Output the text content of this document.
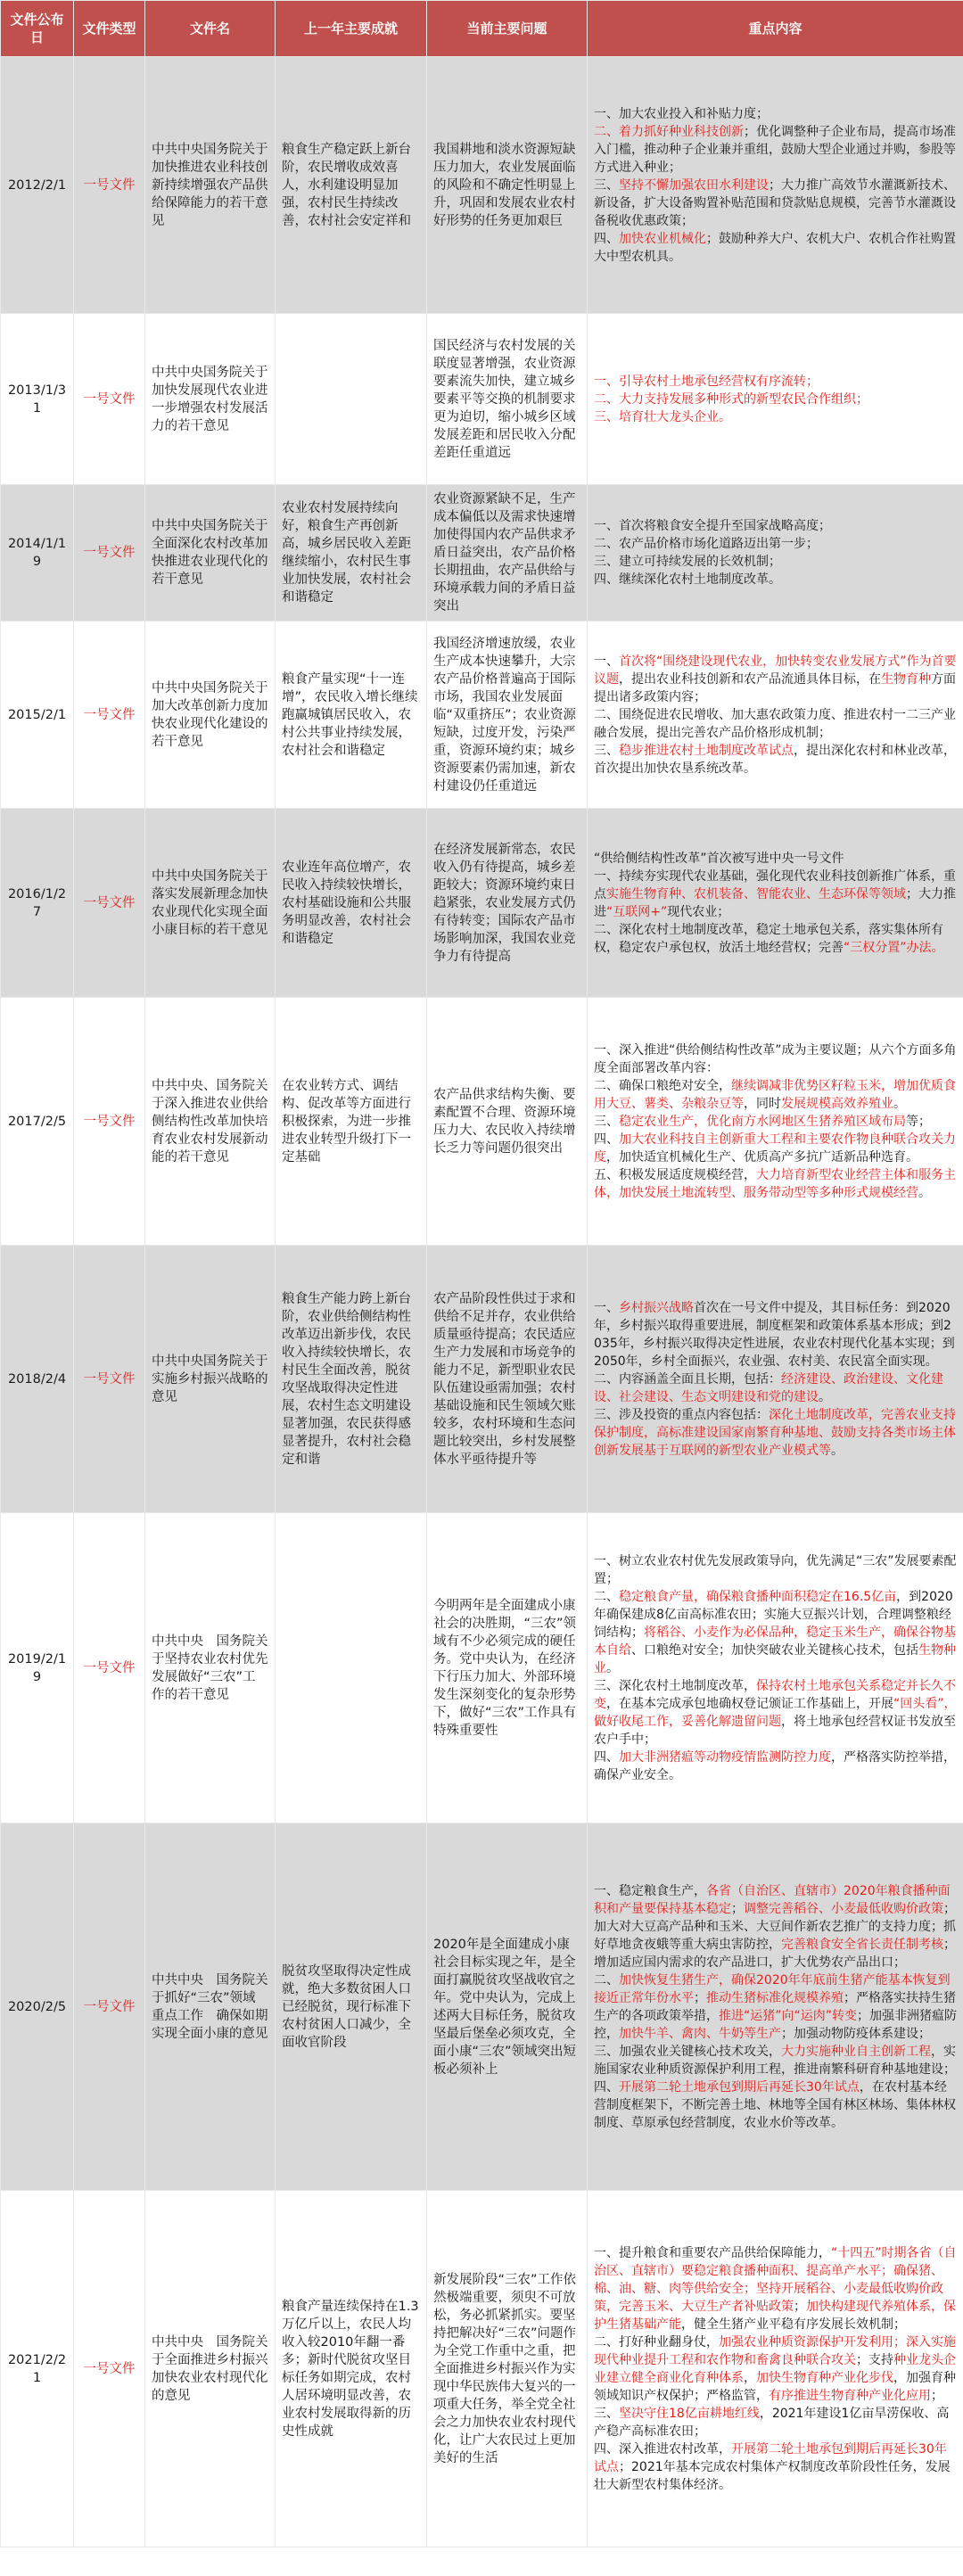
文件公布日	文件类型	文件名	上一年主要成就	当前主要问题	重点内容
2012/2/1	一号文件	中共中央国务院关于加快推进农业科技创新持续增强农产品供给保障能力的若干意见	粮食生产稳定跃上新台阶，农民增收成效喜人，水利建设明显加强，农村民生持续改善，农村社会安定祥和	我国耕地和淡水资源短缺压力加大，农业发展面临的风险和不确定性明显上升，巩固和发展农业农村好形势的任务更加艰巨	一、加大农业投入和补贴力度；
二、着力抓好种业科技创新；优化调整种子企业布局，提高市场准入门槛，推动种子企业兼并重组，鼓励大型企业通过并购，参股等方式进入种业；
三、坚持不懈加强农田水利建设；大力推广高效节水灌溉新技术、新设备，扩大设备购置补贴范围和贷款贴息规模，完善节水灌溉设备税收优惠政策；
四、加快农业机械化；鼓励种养大户、农机大户、农机合作社购置大中型农机具。

2013/1/31	一号文件	中共中央国务院关于加快发展现代农业进一步增强农村发展活力的若干意见		国民经济与农村发展的关联度显著增强，农业资源要素流失加快，建立城乡要素平等交换的机制要求更为迫切，缩小城乡区域发展差距和居民收入分配差距任重道远	一、引导农村土地承包经营权有序流转；
二、大力支持发展多种形式的新型农民合作组织；
三、培育壮大龙头企业。

2014/1/19	一号文件	中共中央国务院关于全面深化农村改革加快推进农业现代化的若干意见	农业农村发展持续向好，粮食生产再创新高，城乡居民收入差距继续缩小，农村民生事业加快发展，农村社会和谐稳定	农业资源紧缺不足，生产成本偏低以及需求快速增加使得国内农产品供求矛盾日益突出，农产品价格长期扭曲，农产品供给与环境承载力间的矛盾日益突出	一、首次将粮食安全提升至国家战略高度；
二、农产品价格市场化道路迈出第一步；
三、建立可持续发展的长效机制；
四、继续深化农村土地制度改革。

2015/2/1	一号文件	中共中央国务院关于加大改革创新力度加快农业现代化建设的若干意见	粮食产量实现“十一连增”，农民收入增长继续跑赢城镇居民收入，农村公共事业持续发展，农村社会和谐稳定	我国经济增速放缓，农业生产成本快速攀升，大宗农产品价格普遍高于国际市场，我国农业发展面临“双重挤压”；农业资源短缺，过度开发，污染严重，资源环境约束；城乡资源要素仍需加速，新农村建设仍任重道远	一、首次将“围绕建设现代农业，加快转变农业发展方式”作为首要议题，提出农业科技创新和农产品流通具体目标，在生物育种方面提出诸多政策内容；
二、围绕促进农民增收、加大惠农政策力度、推进农村一二三产业融合发展，提出完善农产品价格形成机制；
三、稳步推进农村土地制度改革试点，提出深化农村和林业改革，首次提出加快农垦系统改革。

2016/1/27	一号文件	中共中央国务院关于落实发展新理念加快农业现代化实现全面小康目标的若干意见	农业连年高位增产，农民收入持续较快增长，农村基础设施和公共服务明显改善，农村社会和谐稳定	在经济发展新常态，农民收入仍有待提高，城乡差距较大；资源环境约束日趋紧张，农业发展方式仍有待转变；国际农产品市场影响加深，我国农业竞争力有待提高	“供给侧结构性改革”首次被写进中央一号文件
一、持续夯实现代农业基础，强化现代农业科技创新推广体系，重点实施生物育种、农机装备、智能农业、生态环保等领域；大力推进“互联网+”现代农业；
二、深化农村土地制度改革，稳定土地承包关系，落实集体所有权，稳定农户承包权，放活土地经营权；完善“三权分置”办法。

2017/2/5	一号文件	中共中央、国务院关于深入推进农业供给侧结构性改革加快培育农业农村发展新动能的若干意见	在农业转方式、调结构、促改革等方面进行积极探索，为进一步推进农业转型升级打下一定基础	农产品供求结构失衡、要素配置不合理、资源环境压力大、农民收入持续增长乏力等问题仍很突出	一、深入推进“供给侧结构性改革”成为主要议题；从六个方面多角度全面部署改革内容：
二、确保口粮绝对安全，继续调减非优势区籽粒玉米，增加优质食用大豆、薯类、杂粮杂豆等，同时发展规模高效养殖业。
三、稳定农业生产，优化南方水网地区生猪养殖区域布局等；
四、加大农业科技自主创新重大工程和主要农作物良种联合攻关力度，加快适宜机械化生产、优质高产多抗广适新品种选育。
五、积极发展适度规模经营，大力培育新型农业经营主体和服务主体，加快发展土地流转型、服务带动型等多种形式规模经营。

2018/2/4	一号文件	中共中央国务院关于实施乡村振兴战略的意见	粮食生产能力跨上新台阶，农业供给侧结构性改革迈出新步伐，农民收入持续较快增长，农村民生全面改善，脱贫攻坚战取得决定性进展，农村生态文明建设显著加强，农民获得感显著提升，农村社会稳定和谐	农产品阶段性供过于求和供给不足并存，农业供给质量亟待提高；农民适应生产力发展和市场竞争的能力不足，新型职业农民队伍建设亟需加强；农村基础设施和民生领域欠账较多，农村环境和生态问题比较突出，乡村发展整体水平亟待提升等	一、乡村振兴战略首次在一号文件中提及，其目标任务：到2020年，乡村振兴取得重要进展，制度框架和政策体系基本形成；到2035年，乡村振兴取得决定性进展，农业农村现代化基本实现；到2050年，乡村全面振兴，农业强、农村美、农民富全面实现。
二、内容涵盖全面且长期，包括：经济建设、政治建设、文化建设、社会建设、生态文明建设和党的建设。
三、涉及投资的重点内容包括：深化土地制度改革，完善农业支持保护制度，高标准建设国家南繁育种基地、鼓励支持各类市场主体创新发展基于互联网的新型农业产业模式等。

2019/2/19	一号文件	中共中央　国务院关于坚持农业农村优先发展做好“三农”工作的若干意见		今明两年是全面建成小康社会的决胜期，“三农”领域有不少必须完成的硬任务。党中央认为，在经济下行压力加大、外部环境发生深刻变化的复杂形势下，做好“三农”工作具有特殊重要性	一、树立农业农村优先发展政策导向，优先满足“三农”发展要素配置；
二、稳定粮食产量，确保粮食播种面积稳定在16.5亿亩，到2020年确保建成8亿亩高标准农田；实施大豆振兴计划，合理调整粮经饲结构；将稻谷、小麦作为必保品种，稳定玉米生产，确保谷物基本自给、口粮绝对安全；加快突破农业关键核心技术，包括生物种业。
三、深化农村土地制度改革，保持农村土地承包关系稳定并长久不变，在基本完成承包地确权登记颁证工作基础上，开展“回头看”，做好收尾工作，妥善化解遗留问题，将土地承包经营权证书发放至农户手中；
四、加大非洲猪瘟等动物疫情监测防控力度，严格落实防控举措，确保产业安全。

2020/2/5	一号文件	中共中央　国务院关于抓好“三农”领域重点工作　确保如期实现全面小康的意见	脱贫攻坚取得决定性成就，绝大多数贫困人口已经脱贫，现行标准下农村贫困人口减少，全面收官阶段	2020年是全面建成小康社会目标实现之年，是全面打赢脱贫攻坚战收官之年。党中央认为，完成上述两大目标任务，脱贫攻坚最后堡垒必须攻克，全面小康“三农”领域突出短板必须补上	一、稳定粮食生产，各省（自治区、直辖市）2020年粮食播种面积和产量要保持基本稳定；调整完善稻谷、小麦最低收购价政策；加大对大豆高产品种和玉米、大豆间作新农艺推广的支持力度；抓好草地贪夜蛾等重大病虫害防控，完善粮食安全省长责任制考核；增加适应国内需求的农产品进口，扩大优势农产品出口；
二、加快恢复生猪生产，确保2020年年底前生猪产能基本恢复到接近正常年份水平；推动生猪标准化规模养殖；严格落实扶持生猪生产的各项政策举措，推进“运猪”向“运肉”转变；加强非洲猪瘟防控，加快牛羊、禽肉、牛奶等生产；加强动物防疫体系建设；
三、加强农业关键核心技术攻关，大力实施种业自主创新工程，实施国家农业种质资源保护利用工程，推进南繁科研育种基地建设；
四、开展第二轮土地承包到期后再延长30年试点，在农村基本经营制度框架下，不断完善土地、林地等全国有林区林场、集体林权制度、草原承包经营制度，农业水价等改革。

2021/2/21	一号文件	中共中央　国务院关于全面推进乡村振兴加快农业农村现代化的意见	粮食产量连续保持在1.3万亿斤以上，农民人均收入较2010年翻一番多；新时代脱贫攻坚目标任务如期完成，农村人居环境明显改善，农业农村发展取得新的历史性成就	新发展阶段“三农”工作依然极端重要，须臾不可放松，务必抓紧抓实。要坚持把解决好“三农”问题作为全党工作重中之重，把全面推进乡村振兴作为实现中华民族伟大复兴的一项重大任务，举全党全社会之力加快农业农村现代化，让广大农民过上更加美好的生活	一、提升粮食和重要农产品供给保障能力，“十四五”时期各省（自治区、直辖市）要稳定粮食播种面积、提高单产水平；确保猪、棉、油、糖、肉等供给安全；坚持开展稻谷、小麦最低收购价政策，完善玉米、大豆生产者补贴政策；加快构建现代养殖体系，保护生猪基础产能，健全生猪产业平稳有序发展长效机制；
二、打好种业翻身仗，加强农业种质资源保护开发利用；深入实施现代种业提升工程和农作物和畜禽良种联合攻关；支持种业龙头企业建立健全商业化育种体系，加快生物育种产业化步伐，加强育种领域知识产权保护；严格监管，有序推进生物育种产业化应用；
三、坚决守住18亿亩耕地红线，2021年建设1亿亩旱涝保收、高产稳产高标准农田；
四、深入推进农村改革，开展第二轮土地承包到期后再延长30年试点；2021年基本完成农村集体产权制度改革阶段性任务，发展壮大新型农村集体经济。
